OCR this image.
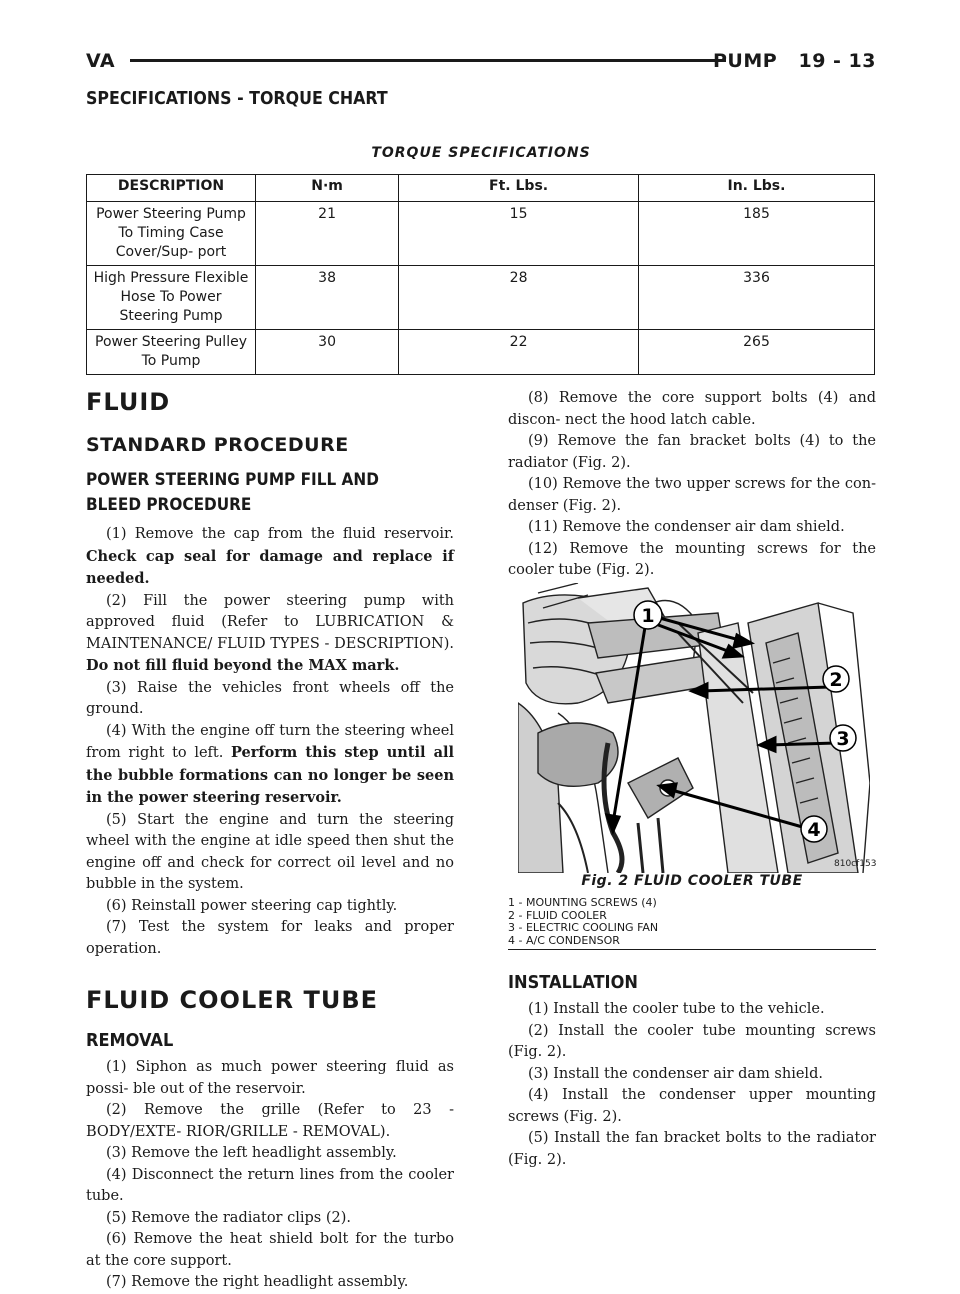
VA	PUMP   19 - 13
SPECIFICATIONS - TORQUE CHART
TORQUE SPECIFICATIONS
DESCRIPTION	N·m	Ft. Lbs.	In. Lbs.
Power Steering Pump To Timing Case Cover/Sup- port	21	15	185
High Pressure Flexible Hose To Power Steering Pump	38	28	336
Power Steering Pulley To Pump	30	22	265
FLUID
STANDARD PROCEDURE
POWER STEERING PUMP FILL AND BLEED PROCEDURE

(1) Remove the cap from the fluid reservoir. Check cap seal for damage and replace if needed.

(2) Fill the power steering pump with approved fluid (Refer to LUBRICATION & MAINTENANCE/ FLUID TYPES - DESCRIPTION). Do not fill fluid beyond the MAX mark.

(3) Raise the vehicles front wheels off the ground.

(4) With the engine off turn the steering wheel from right to left. Perform this step until all the bubble formations can no longer be seen in the power steering reservoir.

(5) Start the engine and turn the steering wheel with the engine at idle speed then shut the engine off and check for correct oil level and no bubble in the system.

(6) Reinstall power steering cap tightly.

(7) Test the system for leaks and proper operation.

FLUID COOLER TUBE
REMOVAL

(1) Siphon as much power steering fluid as possi- ble out of the reservoir.

(2) Remove the grille (Refer to 23 - BODY/EXTE- RIOR/GRILLE - REMOVAL).

(3) Remove the left headlight assembly.

(4) Disconnect the return lines from the cooler tube.

(5) Remove the radiator clips (2).

(6) Remove the heat shield bolt for the turbo at the core support.

(7) Remove the right headlight assembly.

(8) Remove the core support bolts (4) and discon- nect the hood latch cable.

(9) Remove the fan bracket bolts (4) to the radiator (Fig. 2).

(10) Remove the two upper screws for the con- denser (Fig. 2).

(11) Remove the condenser air dam shield.

(12) Remove the mounting screws for the cooler tube (Fig. 2).

1
2
3
4
810cf153
Fig. 2 FLUID COOLER TUBE
1 - MOUNTING SCREWS (4)
2 - FLUID COOLER
3 - ELECTRIC COOLING FAN
4 - A/C CONDENSOR
INSTALLATION

(1) Install the cooler tube to the vehicle.

(2) Install the cooler tube mounting screws (Fig. 2).

(3) Install the condenser air dam shield.

(4) Install the condenser upper mounting screws (Fig. 2).

(5) Install the fan bracket bolts to the radiator (Fig. 2).
